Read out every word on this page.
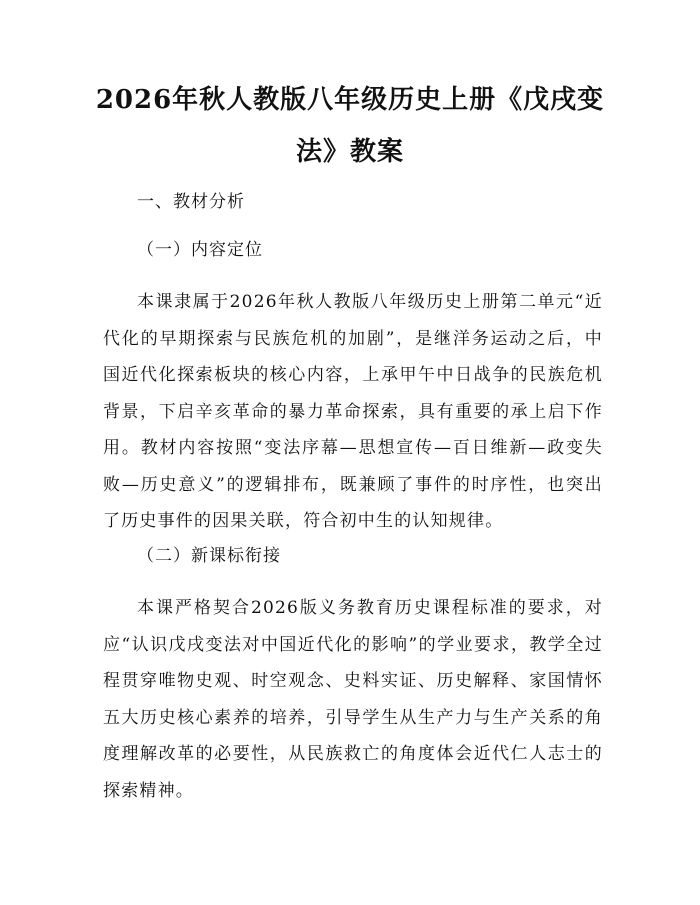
2026年秋人教版八年级历史上册《戊戌变
法》教案
一、教材分析
（一）内容定位
本课隶属于2026年秋人教版八年级历史上册第二单元“近代化的早期探索与民族危机的加剧”，是继洋务运动之后，中国近代化探索板块的核心内容，上承甲午中日战争的民族危机背景，下启辛亥革命的暴力革命探索，具有重要的承上启下作用。教材内容按照“变法序幕—思想宣传—百日维新—政变失败—历史意义”的逻辑排布，既兼顾了事件的时序性，也突出了历史事件的因果关联，符合初中生的认知规律。
（二）新课标衔接
本课严格契合2026版义务教育历史课程标准的要求，对应“认识戊戌变法对中国近代化的影响”的学业要求，教学全过程贯穿唯物史观、时空观念、史料实证、历史解释、家国情怀五大历史核心素养的培养，引导学生从生产力与生产关系的角度理解改革的必要性，从民族救亡的角度体会近代仁人志士的探索精神。
